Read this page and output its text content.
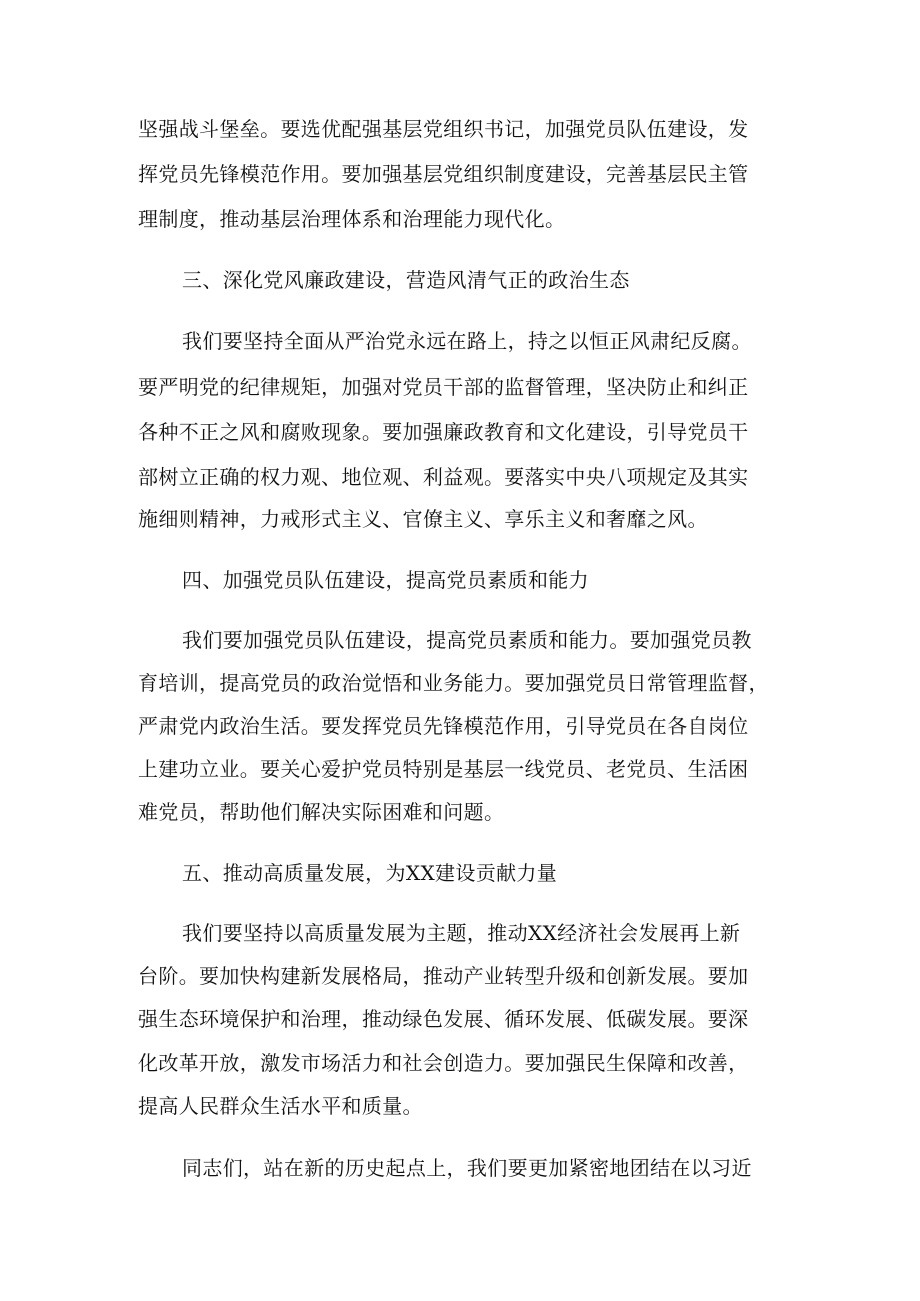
坚强战斗堡垒。要选优配强基层党组织书记，加强党员队伍建设，发
挥党员先锋模范作用。要加强基层党组织制度建设，完善基层民主管
理制度，推动基层治理体系和治理能力现代化。
三、深化党风廉政建设，营造风清气正的政治生态
我们要坚持全面从严治党永远在路上，持之以恒正风肃纪反腐。
要严明党的纪律规矩，加强对党员干部的监督管理，坚决防止和纠正
各种不正之风和腐败现象。要加强廉政教育和文化建设，引导党员干
部树立正确的权力观、地位观、利益观。要落实中央八项规定及其实
施细则精神，力戒形式主义、官僚主义、享乐主义和奢靡之风。
四、加强党员队伍建设，提高党员素质和能力
我们要加强党员队伍建设，提高党员素质和能力。要加强党员教
育培训，提高党员的政治觉悟和业务能力。要加强党员日常管理监督，
严肃党内政治生活。要发挥党员先锋模范作用，引导党员在各自岗位
上建功立业。要关心爱护党员特别是基层一线党员、老党员、生活困
难党员，帮助他们解决实际困难和问题。
五、推动高质量发展，为XX建设贡献力量
我们要坚持以高质量发展为主题，推动XX经济社会发展再上新
台阶。要加快构建新发展格局，推动产业转型升级和创新发展。要加
强生态环境保护和治理，推动绿色发展、循环发展、低碳发展。要深
化改革开放，激发市场活力和社会创造力。要加强民生保障和改善，
提高人民群众生活水平和质量。
同志们，站在新的历史起点上，我们要更加紧密地团结在以习近
